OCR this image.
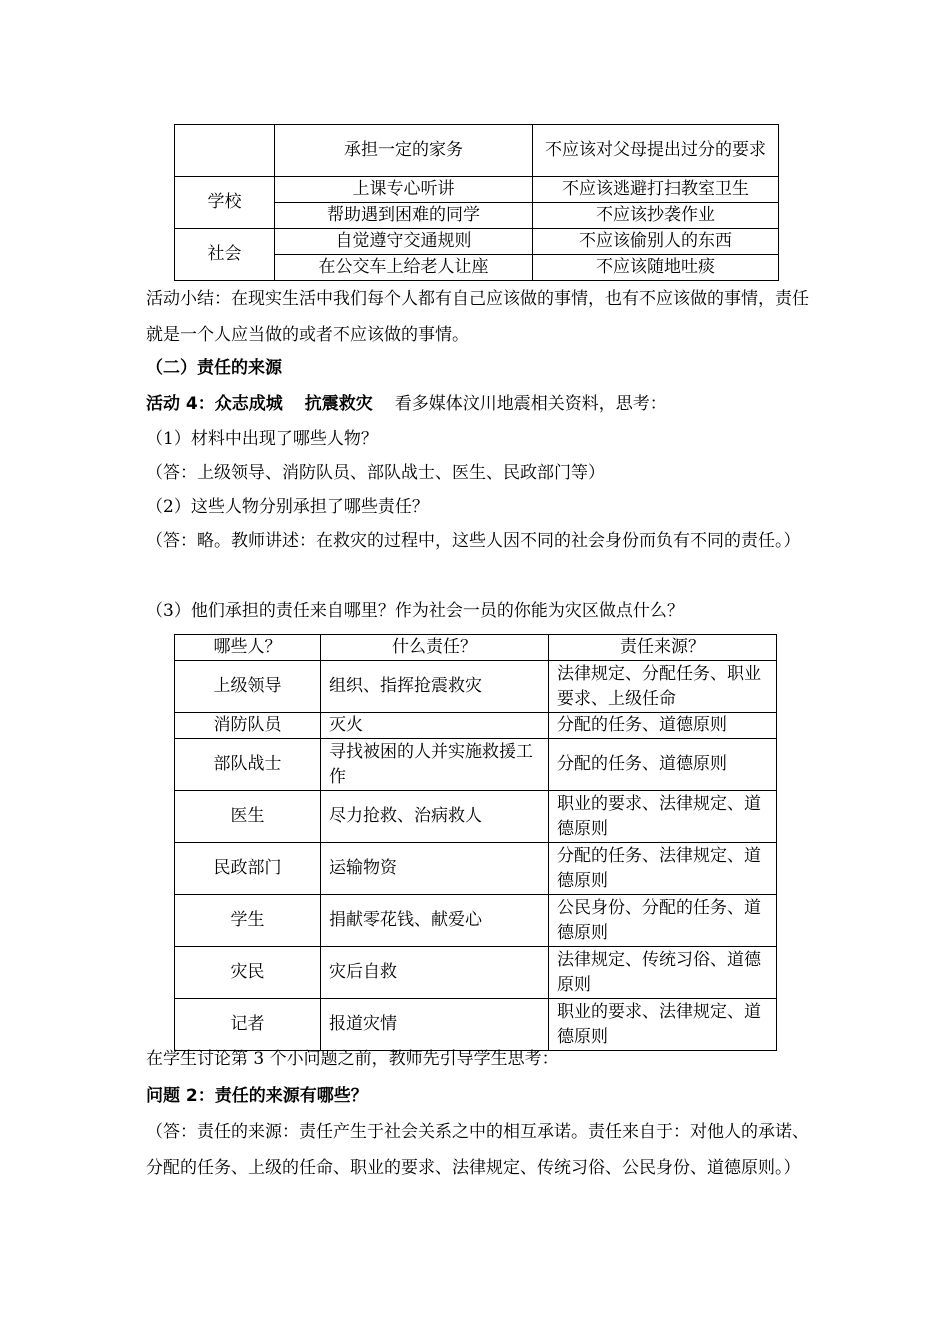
	承担一定的家务	不应该对父母提出过分的要求
学校	上课专心听讲	不应该逃避打扫教室卫生
	帮助遇到困难的同学	不应该抄袭作业
社会	自觉遵守交通规则	不应该偷别人的东西
	在公交车上给老人让座	不应该随地吐痰

活动小结：在现实生活中我们每个人都有自己应该做的事情，也有不应该做的事情，责任就是一个人应当做的或者不应该做的事情。

（二）责任的来源

活动 4：众志成城 抗震救灾 看多媒体汶川地震相关资料，思考：

（1）材料中出现了哪些人物？

（答：上级领导、消防队员、部队战士、医生、民政部门等）

（2）这些人物分别承担了哪些责任？

（答：略。教师讲述：在救灾的过程中，这些人因不同的社会身份而负有不同的责任。）

（3）他们承担的责任来自哪里？作为社会一员的你能为灾区做点什么？

哪些人？	什么责任？	责任来源？
上级领导	组织、指挥抢震救灾	法律规定、分配任务、职业要求、上级任命
消防队员	灭火	分配的任务、道德原则
部队战士	寻找被困的人并实施救援工作	分配的任务、道德原则
医生	尽力抢救、治病救人	职业的要求、法律规定、道德原则
民政部门	运输物资	分配的任务、法律规定、道德原则
学生	捐献零花钱、献爱心	公民身份、分配的任务、道德原则
灾民	灾后自救	法律规定、传统习俗、道德原则
记者	报道灾情	职业的要求、法律规定、道德原则

在学生讨论第 3 个小问题之前，教师先引导学生思考：

问题 2：责任的来源有哪些？

（答：责任的来源：责任产生于社会关系之中的相互承诺。责任来自于：对他人的承诺、分配的任务、上级的任命、职业的要求、法律规定、传统习俗、公民身份、道德原则。）
